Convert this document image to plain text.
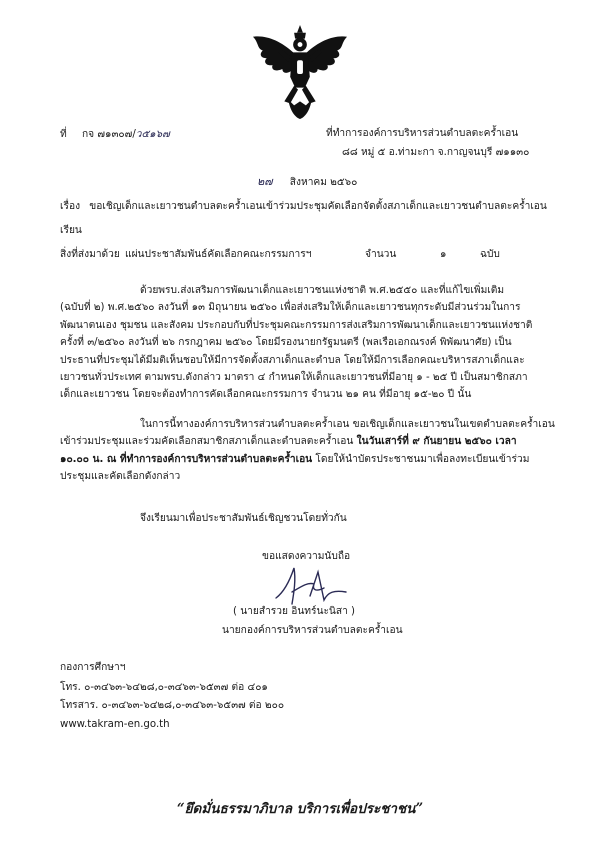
ที่ กจ ๗๑๓๐๗/ว๕๑๖๗	ที่ทำการองค์การบริหารส่วนตำบลตะคร้ำเอน
๘๘ หมู่ ๕ อ.ท่ามะกา จ.กาญจนบุรี ๗๑๑๓๐
๒๗ สิงหาคม ๒๕๖๐
เรื่อง ขอเชิญเด็กและเยาวชนตำบลตะคร้ำเอนเข้าร่วมประชุมคัดเลือกจัดตั้งสภาเด็กและเยาวชนตำบลตะคร้ำเอน
เรียน
สิ่งที่ส่งมาด้วย แผ่นประชาสัมพันธ์คัดเลือกคณะกรรมการฯ	จำนวน	๑	ฉบับ
ด้วยพรบ.ส่งเสริมการพัฒนาเด็กและเยาวชนแห่งชาติ พ.ศ.๒๕๕๐ และที่แก้ไขเพิ่มเติม
(ฉบับที่ ๒) พ.ศ.๒๕๖๐ ลงวันที่ ๑๓ มิถุนายน ๒๕๖๐ เพื่อส่งเสริมให้เด็กและเยาวชนทุกระดับมีส่วนร่วมในการ
พัฒนาตนเอง ชุมชน และสังคม ประกอบกับที่ประชุมคณะกรรมการส่งเสริมการพัฒนาเด็กและเยาวชนแห่งชาติ
ครั้งที่ ๓/๒๕๖๐ ลงวันที่ ๒๖ กรกฎาคม ๒๕๖๐ โดยมีรองนายกรัฐมนตรี (พลเรือเอกณรงค์ พิพัฒนาศัย) เป็น
ประธานที่ประชุมได้มีมติเห็นชอบให้มีการจัดตั้งสภาเด็กและตำบล โดยให้มีการเลือกคณะบริหารสภาเด็กและ
เยาวชนทั่วประเทศ ตามพรบ.ดังกล่าว มาตรา ๔ กำหนดให้เด็กและเยาวชนที่มีอายุ ๑ - ๒๕ ปี เป็นสมาชิกสภา
เด็กและเยาวชน โดยจะต้องทำการคัดเลือกคณะกรรมการ จำนวน ๒๑ คน ที่มีอายุ ๑๕-๒๐ ปี นั้น
ในการนี้ทางองค์การบริหารส่วนตำบลตะคร้ำเอน ขอเชิญเด็กและเยาวชนในเขตตำบลตะคร้ำเอน
เข้าร่วมประชุมและร่วมคัดเลือกสมาชิกสภาเด็กและตำบลตะคร้ำเอน ในวันเสาร์ที่ ๙ กันยายน ๒๕๖๐ เวลา
๑๐.๐๐ น. ณ ที่ทำการองค์การบริหารส่วนตำบลตะคร้ำเอน โดยให้นำบัตรประชาชนมาเพื่อลงทะเบียนเข้าร่วม
ประชุมและคัดเลือกดังกล่าว
จึงเรียนมาเพื่อประชาสัมพันธ์เชิญชวนโดยทั่วกัน
ขอแสดงความนับถือ
( นายสำรวย อินทร์นะนิสา )
นายกองค์การบริหารส่วนตำบลตะคร้ำเอน
กองการศึกษาฯ
โทร. ๐-๓๔๖๓-๖๔๒๘,๐-๓๔๖๓-๖๕๓๗ ต่อ ๔๐๑
โทรสาร. ๐-๓๔๖๓-๖๔๒๘,๐-๓๔๖๓-๖๕๓๗ ต่อ ๒๐๐
www.takram-en.go.th
“ยึดมั่นธรรมาภิบาล บริการเพื่อประชาชน”
